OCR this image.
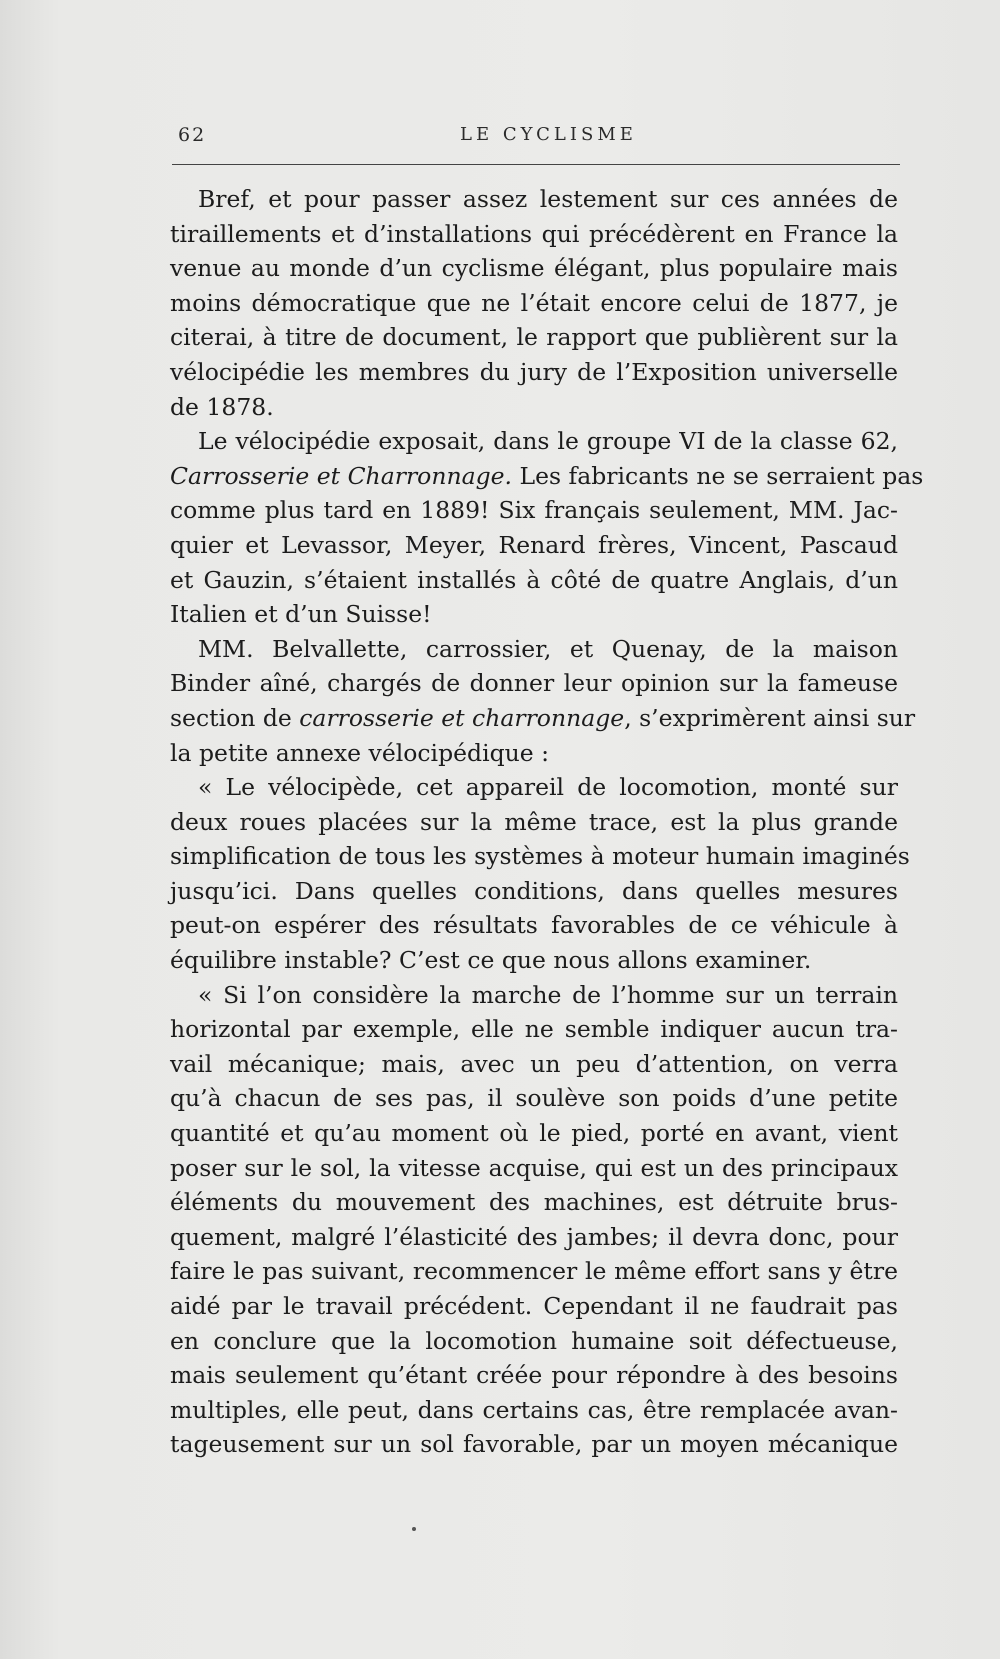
62	LE CYCLISME
Bref, et pour passer assez lestement sur ces années de
tiraillements et d’installations qui précédèrent en France la
venue au monde d’un cyclisme élégant, plus populaire mais
moins démocratique que ne l’était encore celui de 1877, je
citerai, à titre de document, le rapport que publièrent sur la
vélocipédie les membres du jury de l’Exposition universelle
de 1878.
Le vélocipédie exposait, dans le groupe VI de la classe 62,
Carrosserie et Charronnage. Les fabricants ne se serraient pas
comme plus tard en 1889! Six français seulement, MM. Jac-
quier et Levassor, Meyer, Renard frères, Vincent, Pascaud
et Gauzin, s’étaient installés à côté de quatre Anglais, d’un
Italien et d’un Suisse!
MM. Belvallette, carrossier, et Quenay, de la maison
Binder aîné, chargés de donner leur opinion sur la fameuse
section de carrosserie et charronnage, s’exprimèrent ainsi sur
la petite annexe vélocipédique :
« Le vélocipède, cet appareil de locomotion, monté sur
deux roues placées sur la même trace, est la plus grande
simplification de tous les systèmes à moteur humain imaginés
jusqu’ici. Dans quelles conditions, dans quelles mesures
peut-on espérer des résultats favorables de ce véhicule à
équilibre instable? C’est ce que nous allons examiner.
« Si l’on considère la marche de l’homme sur un terrain
horizontal par exemple, elle ne semble indiquer aucun tra-
vail mécanique; mais, avec un peu d’attention, on verra
qu’à chacun de ses pas, il soulève son poids d’une petite
quantité et qu’au moment où le pied, porté en avant, vient
poser sur le sol, la vitesse acquise, qui est un des principaux
éléments du mouvement des machines, est détruite brus-
quement, malgré l’élasticité des jambes; il devra donc, pour
faire le pas suivant, recommencer le même effort sans y être
aidé par le travail précédent. Cependant il ne faudrait pas
en conclure que la locomotion humaine soit défectueuse,
mais seulement qu’étant créée pour répondre à des besoins
multiples, elle peut, dans certains cas, être remplacée avan-
tageusement sur un sol favorable, par un moyen mécanique
